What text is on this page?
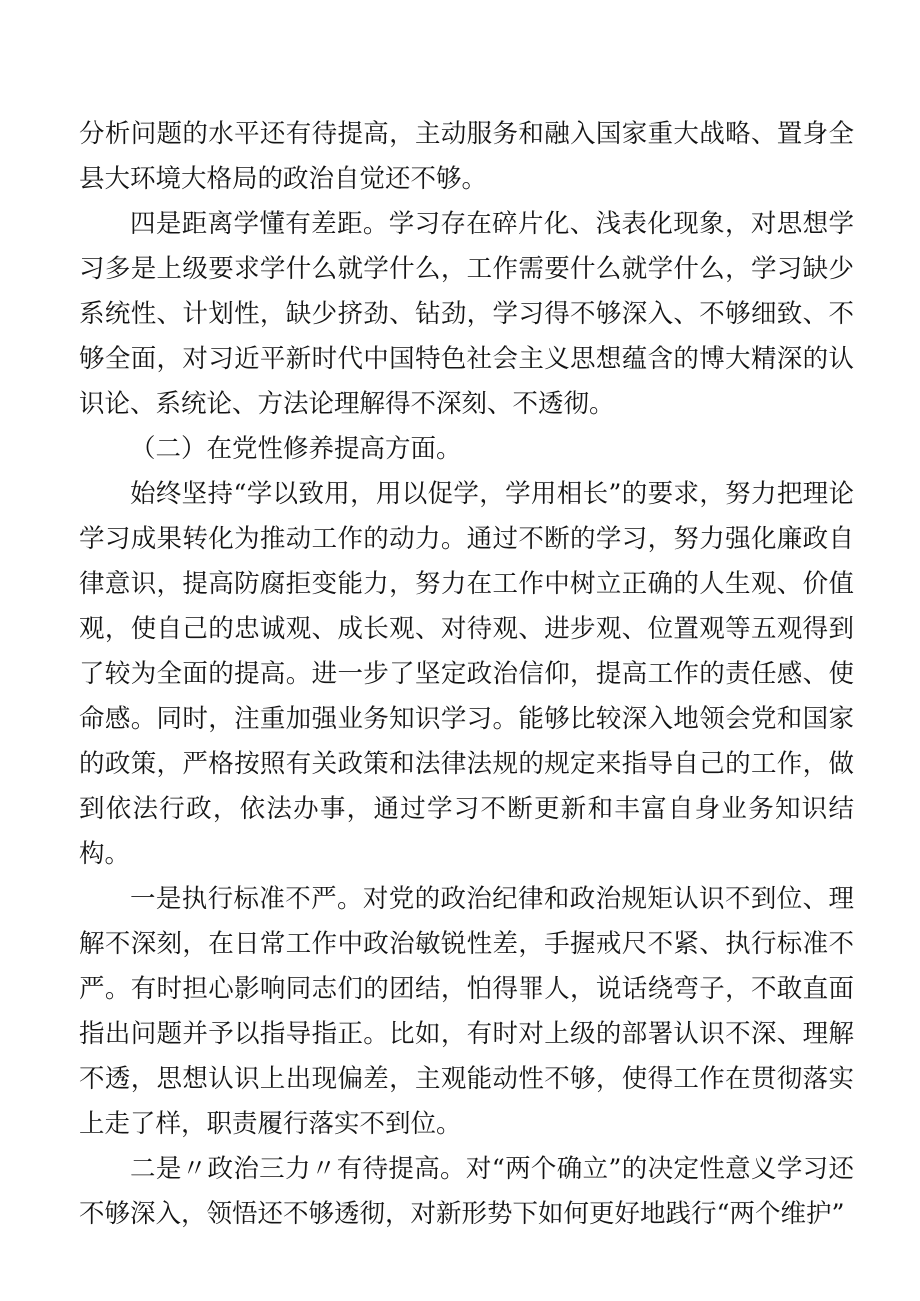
分析问题的水平还有待提高，主动服务和融入国家重大战略、置身全县大环境大格局的政治自觉还不够。

四是距离学懂有差距。学习存在碎片化、浅表化现象，对思想学习多是上级要求学什么就学什么，工作需要什么就学什么，学习缺少系统性、计划性，缺少挤劲、钻劲，学习得不够深入、不够细致、不够全面，对习近平新时代中国特色社会主义思想蕴含的博大精深的认识论、系统论、方法论理解得不深刻、不透彻。

（二）在党性修养提高方面。

始终坚持“学以致用，用以促学，学用相长”的要求，努力把理论学习成果转化为推动工作的动力。通过不断的学习，努力强化廉政自律意识，提高防腐拒变能力，努力在工作中树立正确的人生观、价值观，使自己的忠诚观、成长观、对待观、进步观、位置观等五观得到了较为全面的提高。进一步了坚定政治信仰，提高工作的责任感、使命感。同时，注重加强业务知识学习。能够比较深入地领会党和国家的政策，严格按照有关政策和法律法规的规定来指导自己的工作，做到依法行政，依法办事，通过学习不断更新和丰富自身业务知识结构。

一是执行标准不严。对党的政治纪律和政治规矩认识不到位、理解不深刻，在日常工作中政治敏锐性差，手握戒尺不紧、执行标准不严。有时担心影响同志们的团结，怕得罪人，说话绕弯子，不敢直面指出问题并予以指导指正。比如，有时对上级的部署认识不深、理解不透，思想认识上出现偏差，主观能动性不够，使得工作在贯彻落实上走了样，职责履行落实不到位。

二是〃政治三力〃有待提高。对“两个确立”的决定性意义学习还不够深入，领悟还不够透彻，对新形势下如何更好地践行“两个维护”
